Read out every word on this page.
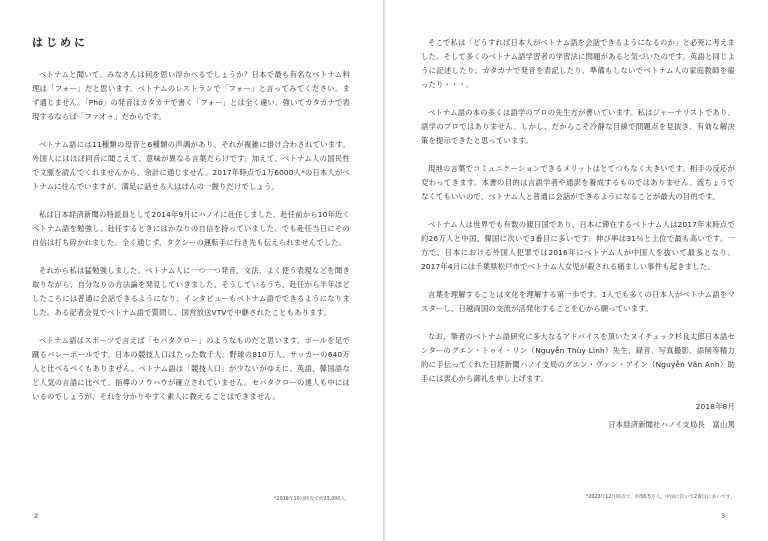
はじめに

ベトナムと聞いて、みなさんは何を思い浮かべるでしょうか？日本で最も有名なベトナム料理は「フォー」だと思います。ベトナムのレストランで「フォー」と言ってみてください。まず通じません。「Phở」の発音はカタカナで書く「フォー」とは全く違い、強いてカタカナで表現するならば「ファオゥ」だからです。

ベトナム語には11種類の母音と6種類の声調があり、それが複雑に掛け合わされています。外国人にはほぼ同音に聞こえて、意味が異なる言葉だらけです。加えて、ベトナム人の国民性で文脈を読んでくれませんから、余計に通じません。2017年時点で1万6000人*の日本人がベトナムに住んでいますが、満足に話せる人はほんの一握りだけでしょう。

私は日本経済新聞の特派員として2014年9月にハノイに赴任しました。赴任前から10年近くベトナム語を勉強し、赴任するときにはかなりの自信を持っていました。でも赴任当日にその自信は打ち砕かれました。全く通じず、タクシーの運転手に行き先も伝えられませんでした。

それから私は猛勉強しました。ベトナム人に一つ一つ発音、文法、よく使う表現などを聞き取りながら、自分なりの方法論を発見していきました。そうしているうち、赴任から半年ほどしたころには普通に会話できるようになり、インタビューもベトナム語でできるようになりました。ある記者会見でベトナム語で質問し、国営放送VTVで中継されたこともあります。

ベトナム語はスポーツで言えば「セパタクロー」のようなものだと思います。ボールを足で蹴るバレーボールです。日本の競技人口はたった数千人。野球の810万人、サッカーの640万人と比べるべくもありません。ベトナム語は「競技人口」が少ないがゆえに、英語、韓国語など人気の言語に比べて、指導のノウハウが確立されていません。セパタクローの達人も中にはいるのでしょうが、それを分かりやすく素人に教えることはできません。

*2019年10月時点で約23,000人。
2

そこで私は「どうすれば日本人がベトナム語を会話できるようになるのか」と必死に考えました。そして多くのベトナム語学習者の学習法に問題があると気づいたのです。英語と同じように記述したり、カタカナで発音を表記したり、準備もしないでベトナム人の家庭教師を雇ったり・・・。

ベトナム語の本の多くは語学のプロの先生方が書いています。私はジャーナリストであり、語学のプロではありません。しかし、だからこそ冷静な目線で問題点を見抜き、有効な解決策を提示できたと思っています。

現地の言葉でコミュニケーションできるメリットはとてつもなく大きいです。相手の反応が変わってきます。本書の目的は言語学者や通訳を養成するものではありません。流ちょうでなくてもいいので、ベトナム人と普通に会話ができるようになることが最大の目的です。

ベトナム人は世界でも有数の親日国であり、日本に滞在するベトナム人は2017年末時点で約26万人と中国、韓国に次いで3番目に多いです。伸び率は31％と上位で最も高いです。一方で、日本における外国人犯罪では2016年にベトナム人が中国人を抜いて最多となり、2017年4月には千葉県松戸市でベトナム人女児が殺される痛ましい事件も起きました。

言葉を理解することは文化を理解する第一歩です。1人でも多くの日本人がベトナム語をマスターし、日越両国の交流が活発化することを心から願っています。

なお、筆者のベトナム語研究に多大なるアドバイスを頂いたヌイチュック杉良太郎日本語センターのグエン・トゥイ・リン（Nguyễn Thùy Linh）先生、録音、写真撮影、添削等精力的に手伝ってくれた日経新聞ハノイ支局のグエン・ヴァン・アイン（Nguyễn Văn Anh）助手には衷心から御礼を申し上げます。

2018年8月
日本経済新聞社ハノイ支局長　富山篤
*2023年12月時点で、約56.5万人。中国に次いで2番目に多いです。
3
